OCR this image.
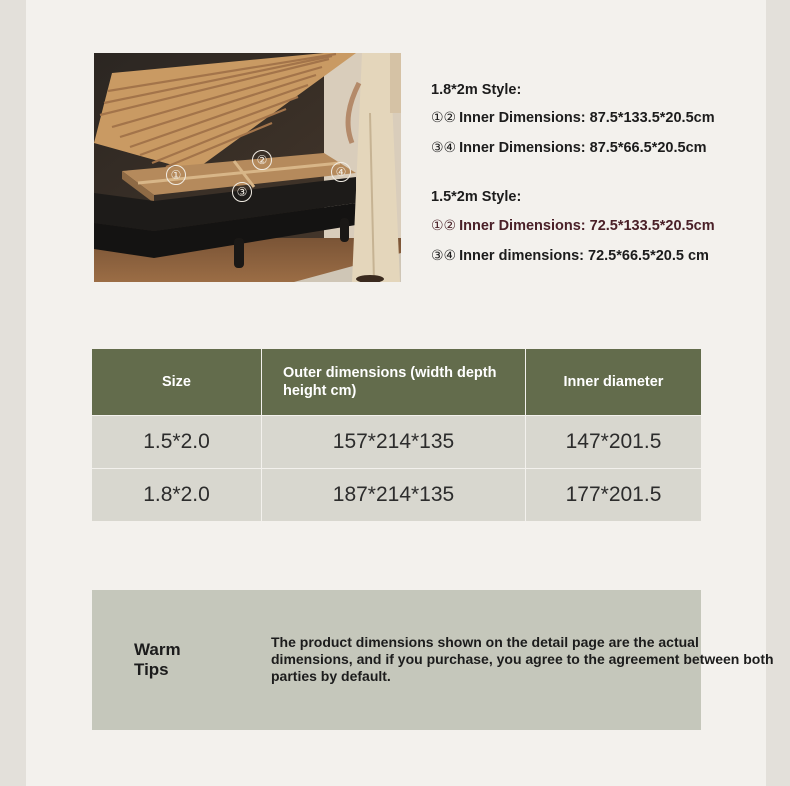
①
②
③
④
1.8*2m Style:
①② Inner Dimensions: 87.5*133.5*20.5cm
③④ Inner Dimensions: 87.5*66.5*20.5cm
1.5*2m Style:
①② Inner Dimensions: 72.5*133.5*20.5cm
③④ Inner dimensions: 72.5*66.5*20.5 cm
Size	Outer dimensions (width depth height cm)	Inner diameter
1.5*2.0	157*214*135	147*201.5
1.8*2.0	187*214*135	177*201.5
Warm Tips
The product dimensions shown on the detail page are the actual dimensions, and if you purchase, you agree to the agreement between both parties by default.
